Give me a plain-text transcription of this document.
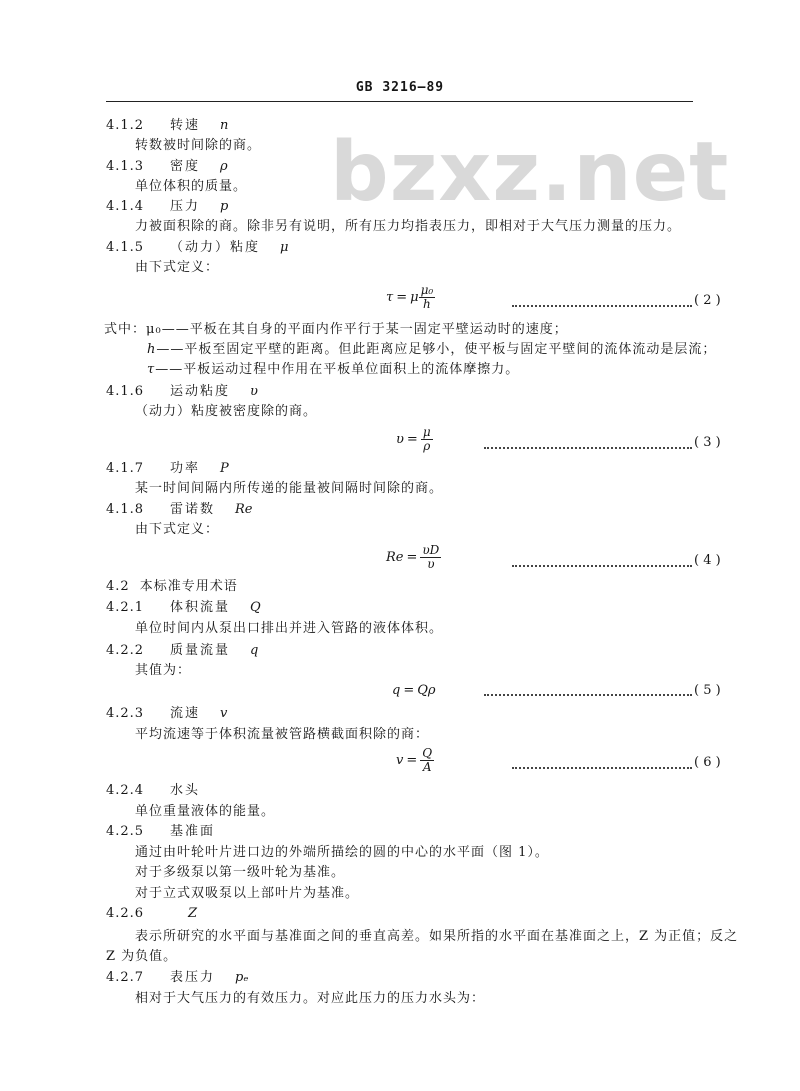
GB 3216—89
bzxz.net
4.1.2 转速 n
转数被时间除的商。
4.1.3 密度 ρ
单位体积的质量。
4.1.4 压力 p
力被面积除的商。除非另有说明，所有压力均指表压力，即相对于大气压力测量的压力。
4.1.5 （动力）粘度 μ
由下式定义：
τ = μ $\frac{\text{μ₀}}{h}$	( 2 )
式中：μ₀——平板在其自身的平面内作平行于某一固定平壁运动时的速度；
h——平板至固定平壁的距离。但此距离应足够小，使平板与固定平壁间的流体流动是层流；
τ——平板运动过程中作用在平板单位面积上的流体摩擦力。
4.1.6 运动粘度 υ
（动力）粘度被密度除的商。
$\upsilon = \frac{\mu}{\rho}$	( 3 )
4.1.7 功率 P
某一时间间隔内所传递的能量被间隔时间除的商。
4.1.8 雷诺数 Re
由下式定义：
$Re = \frac{\upsilon D}{\upsilon}$	( 4 )
4.2 本标准专用术语
4.2.1 体积流量 Q
单位时间内从泵出口排出并进入管路的液体体积。
4.2.2 质量流量 q
其值为：
q = Qρ	( 5 )
4.2.3 流速 v
平均流速等于体积流量被管路横截面积除的商：
$v = \frac{Q}{A}$	( 6 )
4.2.4 水头
单位重量液体的能量。
4.2.5 基准面
通过由叶轮叶片进口边的外端所描绘的圆的中心的水平面（图 1）。
对于多级泵以第一级叶轮为基准。
对于立式双吸泵以上部叶片为基准。
4.2.6	Z
表示所研究的水平面与基准面之间的垂直高差。如果所指的水平面在基准面之上，Z 为正值；反之
Z 为负值。
4.2.7 表压力 pₑ
相对于大气压力的有效压力。对应此压力的压力水头为：
